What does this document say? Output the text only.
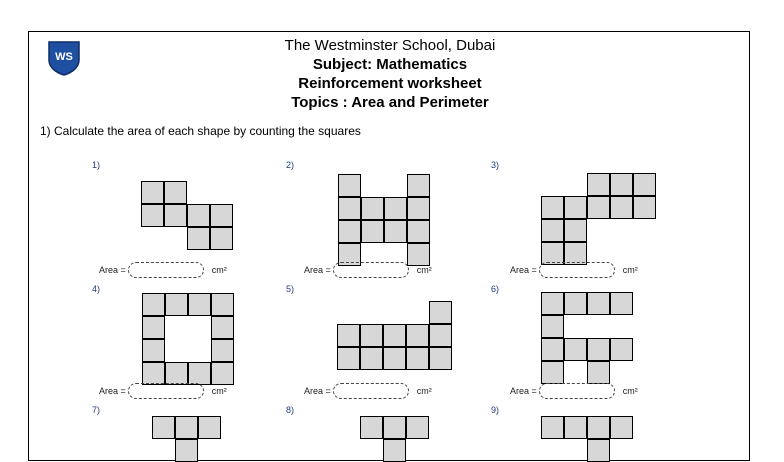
WS
The Westminster School, Dubai
Subject: Mathematics
Reinforcement worksheet
Topics : Area and Perimeter
1) Calculate the area of each shape by counting the squares
1)	2)	3)
4)	5)	6)
7)	8)	9)
Area =	cm²	Area =	cm²	Area =	cm²
Area =	cm²	Area =	cm²	Area =	cm²
